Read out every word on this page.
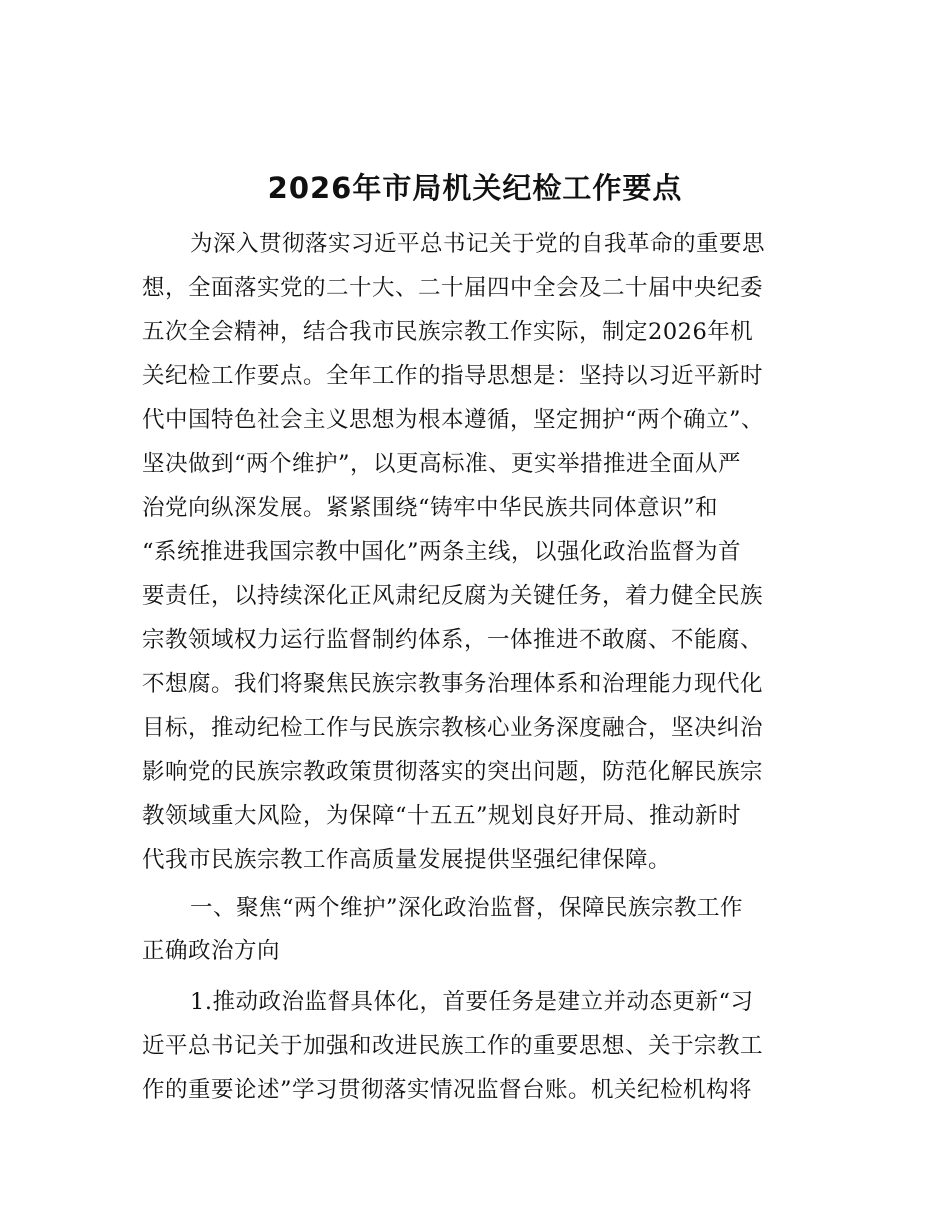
2026年市局机关纪检工作要点
为深入贯彻落实习近平总书记关于党的自我革命的重要思
想，全面落实党的二十大、二十届四中全会及二十届中央纪委
五次全会精神，结合我市民族宗教工作实际，制定2026年机
关纪检工作要点。全年工作的指导思想是：坚持以习近平新时
代中国特色社会主义思想为根本遵循，坚定拥护“两个确立”、
坚决做到“两个维护”，以更高标准、更实举措推进全面从严
治党向纵深发展。紧紧围绕“铸牢中华民族共同体意识”和
“系统推进我国宗教中国化”两条主线，以强化政治监督为首
要责任，以持续深化正风肃纪反腐为关键任务，着力健全民族
宗教领域权力运行监督制约体系，一体推进不敢腐、不能腐、
不想腐。我们将聚焦民族宗教事务治理体系和治理能力现代化
目标，推动纪检工作与民族宗教核心业务深度融合，坚决纠治
影响党的民族宗教政策贯彻落实的突出问题，防范化解民族宗
教领域重大风险，为保障“十五五”规划良好开局、推动新时
代我市民族宗教工作高质量发展提供坚强纪律保障。
一、聚焦“两个维护”深化政治监督，保障民族宗教工作
正确政治方向
1.推动政治监督具体化，首要任务是建立并动态更新“习
近平总书记关于加强和改进民族工作的重要思想、关于宗教工
作的重要论述”学习贯彻落实情况监督台账。机关纪检机构将
